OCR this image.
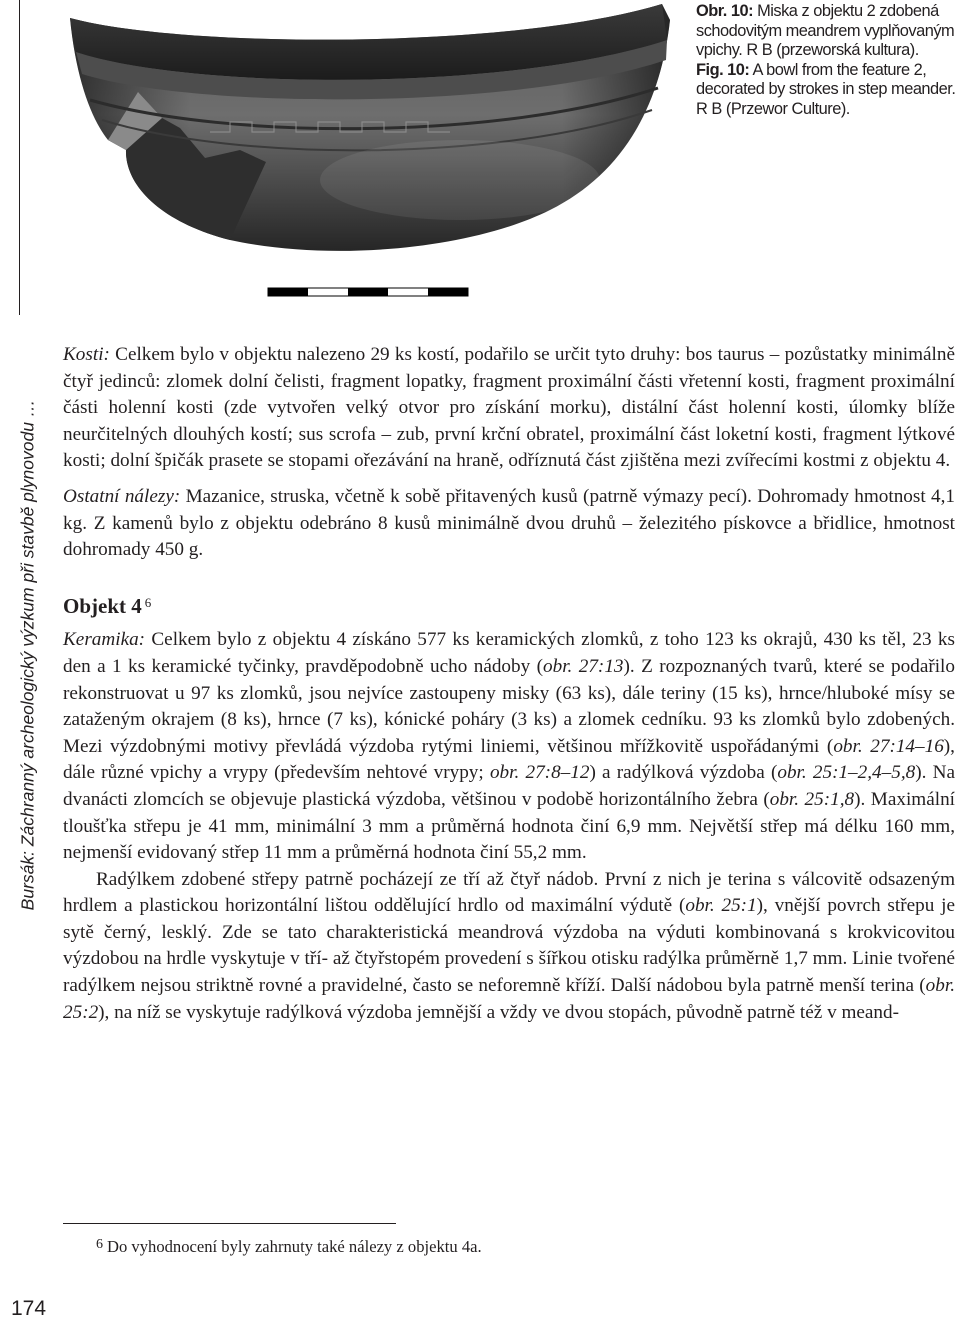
Bursák: Záchranný archeologický výzkum při stavbě plynovodu …

Obr. 10: Miska z objektu 2 zdobená schodovitým meandrem vyplňovaným vpichy. R B (przeworská kultura).

Fig. 10: A bowl from the feature 2, decorated by strokes in step meander. R B (Przewor Culture).

Kosti: Celkem bylo v objektu nalezeno 29 ks kostí, podařilo se určit tyto druhy: bos taurus – pozůstatky minimálně čtyř jedinců: zlomek dolní čelisti, fragment lopatky, fragment proximální části vřetenní kosti, fragment proximální části holenní kosti (zde vytvořen velký otvor pro získání morku), distální část holenní kosti, úlomky blíže neurčitelných dlouhých kostí; sus scrofa – zub, první krční obratel, proximální část loketní kosti, fragment lýtkové kosti; dolní špičák prasete se stopami ořezávání na hraně, odříznutá část zjištěna mezi zvířecími kostmi z objektu 4.

Ostatní nálezy: Mazanice, struska, včetně k sobě přitavených kusů (patrně výmazy pecí). Dohromady hmotnost 4,1 kg. Z kamenů bylo z objektu odebráno 8 kusů minimálně dvou druhů – železitého pískovce a břidlice, hmotnost dohromady 450 g.

Objekt 4 $^6$

Keramika: Celkem bylo z objektu 4 získáno 577 ks keramických zlomků, z toho 123 ks okrajů, 430 ks těl, 23 ks den a 1 ks keramické tyčinky, pravděpodobně ucho nádoby (obr. 27:13). Z rozpoznaných tvarů, které se podařilo rekonstruovat u 97 ks zlomků, jsou nejvíce zastoupeny misky (63 ks), dále teriny (15 ks), hrnce/hluboké mísy se zataženým okrajem (8 ks), hrnce (7 ks), kónické poháry (3 ks) a zlomek cedníku. 93 ks zlomků bylo zdobených. Mezi výzdobnými motivy převládá výzdoba rytými liniemi, většinou mřížkovitě uspořádanými (obr. 27:14–16), dále různé vpichy a vrypy (především nehtové vrypy; obr. 27:8–12) a radýlková výzdoba (obr. 25:1–2,4–5,8). Na dvanácti zlomcích se objevuje plastická výzdoba, většinou v podobě horizontálního žebra (obr. 25:1,8). Maximální tloušťka střepu je 41 mm, minimální 3 mm a průměrná hodnota činí 6,9 mm. Největší střep má délku 160 mm, nejmenší evidovaný střep 11 mm a průměrná hodnota činí 55,2 mm.

Radýlkem zdobené střepy patrně pocházejí ze tří až čtyř nádob. První z nich je terina s válcovitě odsazeným hrdlem a plastickou horizontální lištou oddělující hrdlo od maximální výdutě (obr. 25:1), vnější povrch střepu je sytě černý, lesklý. Zde se tato charakteristická meandrová výzdoba na výduti kombinovaná s krokvicovitou výzdobou na hrdle vyskytuje v tří- až čtyřstopém provedení s šířkou otisku radýlka průměrně 1,7 mm. Linie tvořené radýlkem nejsou striktně rovné a pravidelné, často se neforemně kříží. Další nádobou byla patrně menší terina (obr. 25:2), na níž se vyskytuje radýlková výzdoba jemnější a vždy ve dvou stopách, původně patrně též v meand-

$^6$ Do vyhodnocení byly zahrnuty také nálezy z objektu 4a.
174
